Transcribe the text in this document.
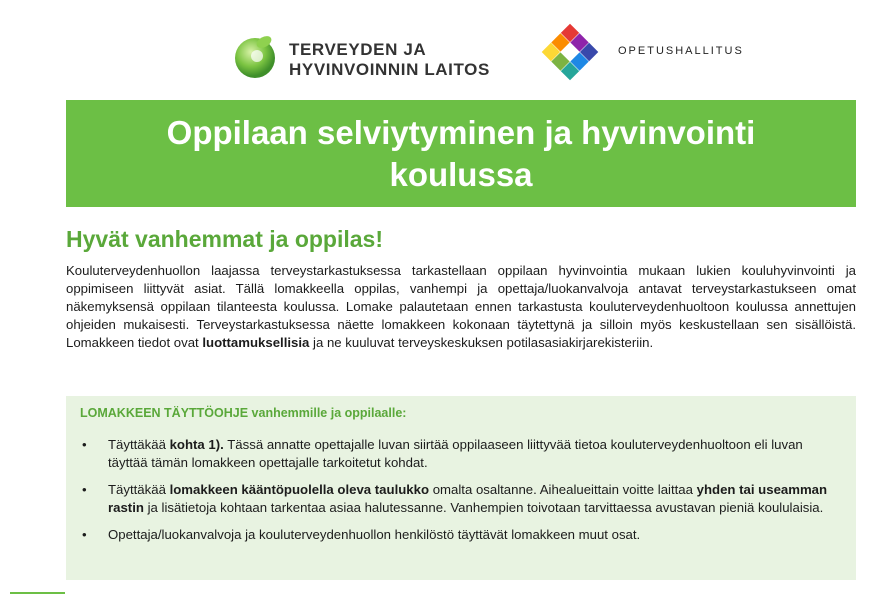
TERVEYDEN JA
HYVINVOINNIN LAITOS
OPETUSHALLITUS
Oppilaan selviytyminen ja hyvinvointi koulussa
Hyvät vanhemmat ja oppilas!

Kouluterveydenhuollon laajassa terveystarkastuksessa tarkastellaan oppilaan hyvinvointia mukaan lukien kouluhyvinvointi ja oppimiseen liittyvät asiat. Tällä lomakkeella oppilas, vanhempi ja opettaja/luokanvalvoja antavat terveystarkastukseen omat näkemyksensä oppilaan tilanteesta koulussa. Lomake palautetaan ennen tarkastusta kouluterveydenhuoltoon koulussa annettujen ohjeiden mukaisesti. Terveystarkastuksessa näette lomakkeen kokonaan täytettynä ja silloin myös keskustellaan sen sisällöistä. Lomakkeen tiedot ovat luottamuksellisia ja ne kuuluvat terveyskeskuksen potilasasiakirjarekisteriin.

LOMAKKEEN TÄYTTÖOHJE vanhemmille ja oppilaalle:
• Täyttäkää kohta 1). Tässä annatte opettajalle luvan siirtää oppilaaseen liittyvää tietoa kouluterveydenhuoltoon eli luvan täyttää tämän lomakkeen opettajalle tarkoitetut kohdat.
• Täyttäkää lomakkeen kääntöpuolella oleva taulukko omalta osaltanne. Aihealueittain voitte laittaa yhden tai useamman rastin ja lisätietoja kohtaan tarkentaa asiaa halutessanne. Vanhempien toivotaan tarvittaessa avustavan pieniä koululaisia.
• Opettaja/luokanvalvoja ja kouluterveydenhuollon henkilöstö täyttävät lomakkeen muut osat.
